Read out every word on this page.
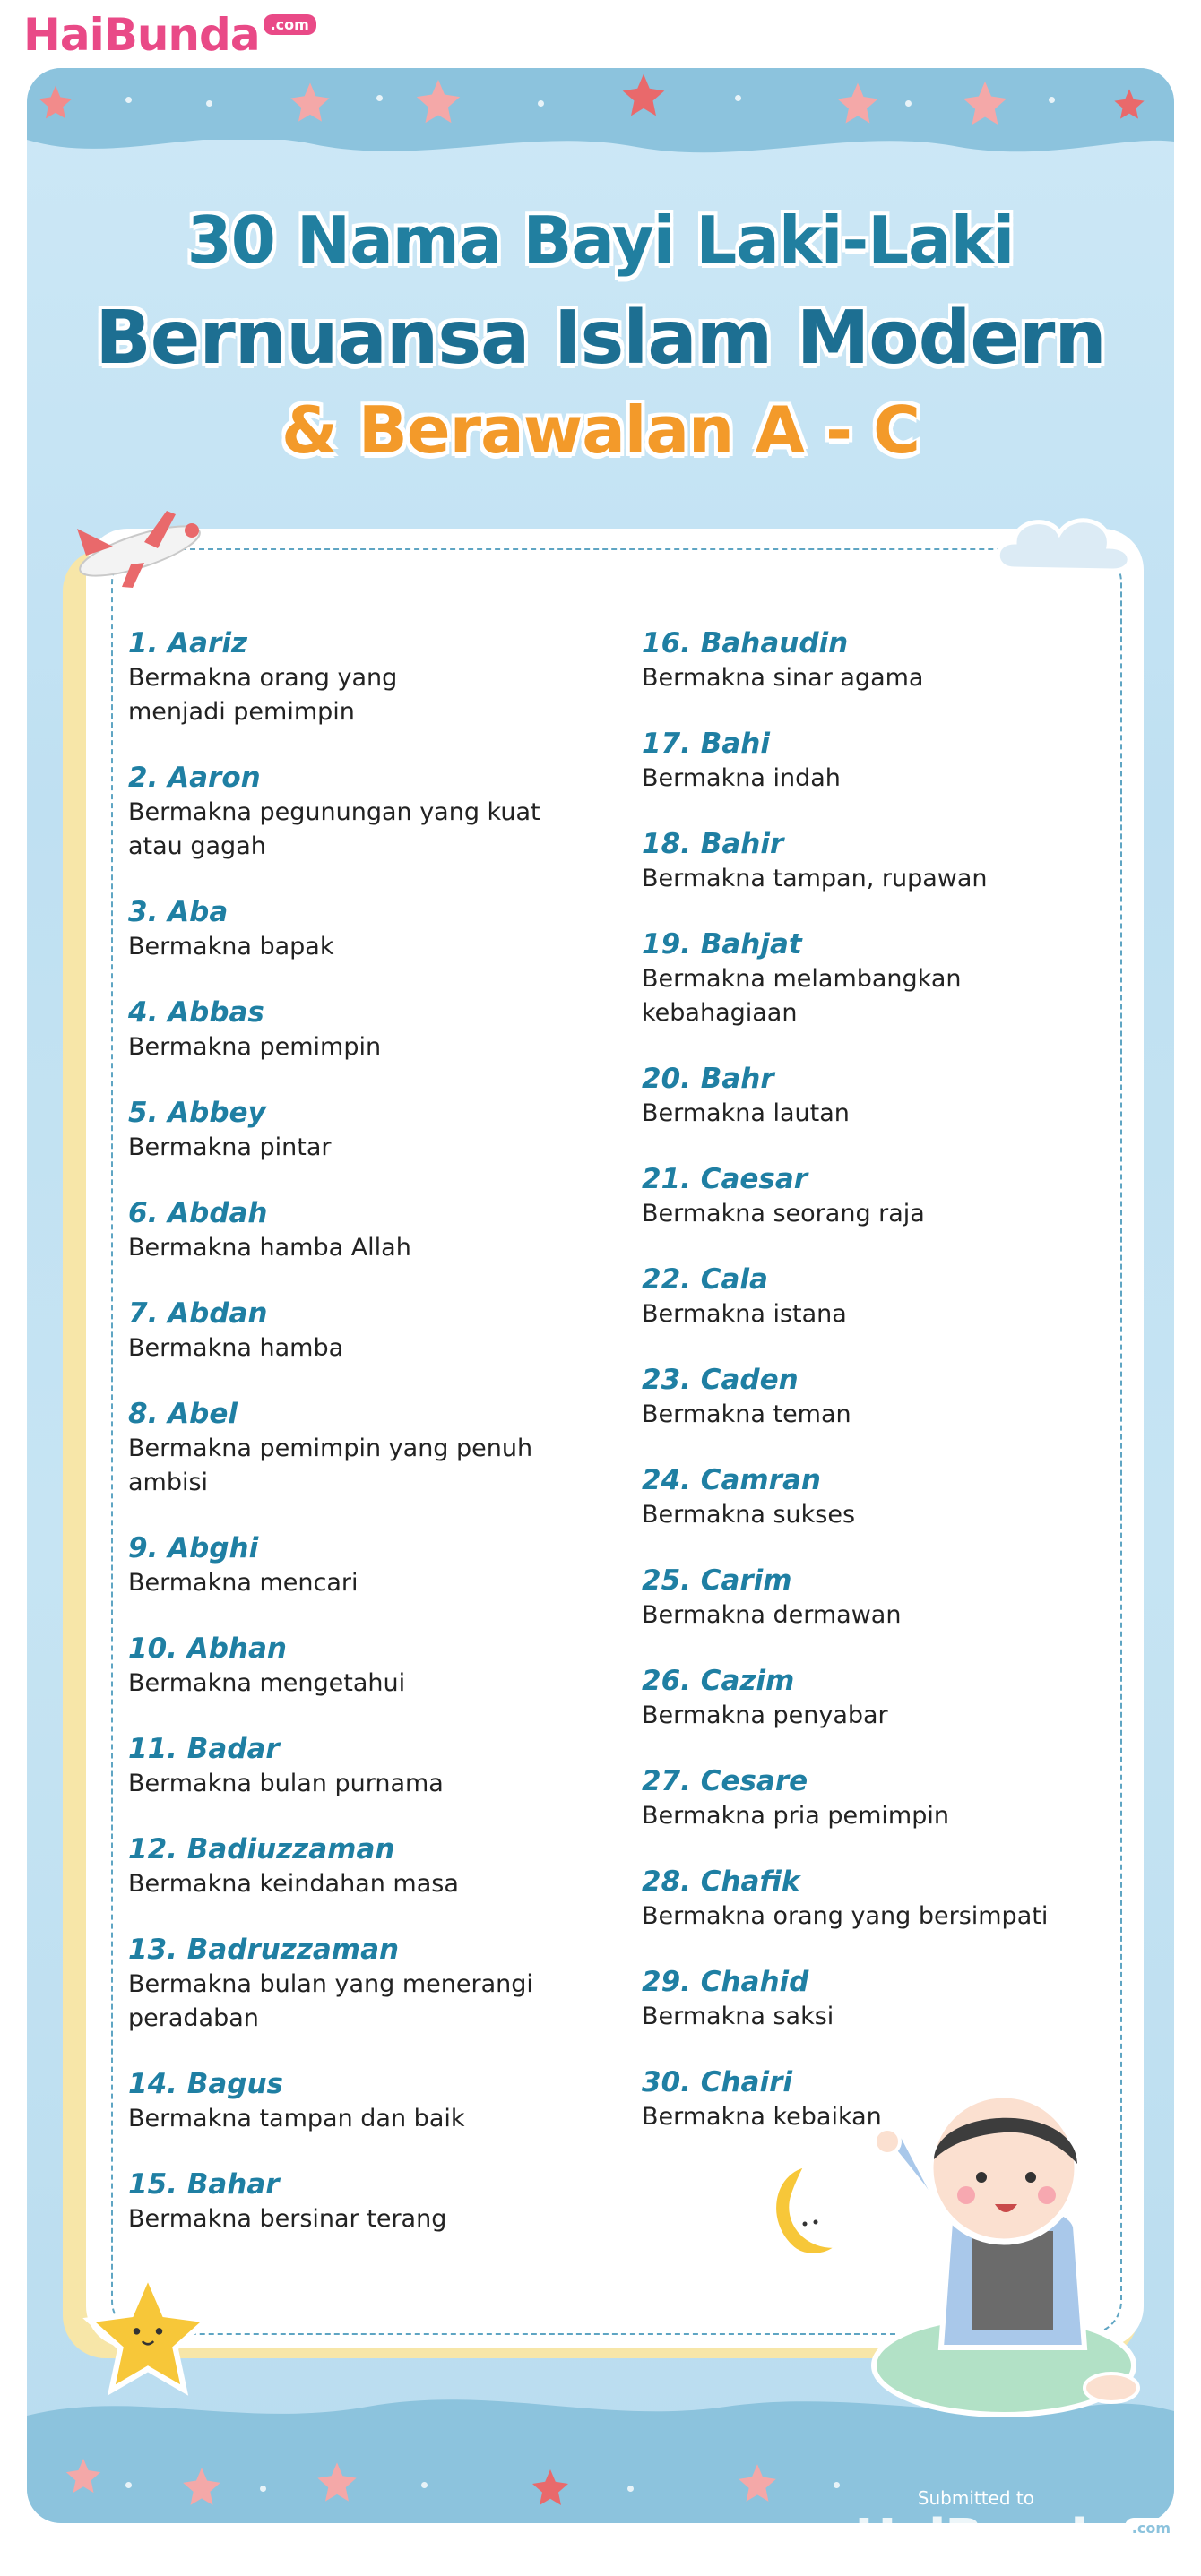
HaiBunda .com
30 Nama Bayi Laki-Laki
Bernuansa Islam Modern
& Berawalan A - C
1. Aariz
Bermakna orang yang
menjadi pemimpin
2. Aaron
Bermakna pegunungan yang kuat
atau gagah
3. Aba
Bermakna bapak
4. Abbas
Bermakna pemimpin
5. Abbey
Bermakna pintar
6. Abdah
Bermakna hamba Allah
7. Abdan
Bermakna hamba
8. Abel
Bermakna pemimpin yang penuh
ambisi
9. Abghi
Bermakna mencari
10. Abhan
Bermakna mengetahui
11. Badar
Bermakna bulan purnama
12. Badiuzzaman
Bermakna keindahan masa
13. Badruzzaman
Bermakna bulan yang menerangi
peradaban
14. Bagus
Bermakna tampan dan baik
15. Bahar
Bermakna bersinar terang
16. Bahaudin
Bermakna sinar agama
17. Bahi
Bermakna indah
18. Bahir
Bermakna tampan, rupawan
19. Bahjat
Bermakna melambangkan
kebahagiaan
20. Bahr
Bermakna lautan
21. Caesar
Bermakna seorang raja
22. Cala
Bermakna istana
23. Caden
Bermakna teman
24. Camran
Bermakna sukses
25. Carim
Bermakna dermawan
26. Cazim
Bermakna penyabar
27. Cesare
Bermakna pria pemimpin
28. Chafik
Bermakna orang yang bersimpati
29. Chahid
Bermakna saksi
30. Chairi
Bermakna kebaikan
Submitted to
HaiBunda .com
